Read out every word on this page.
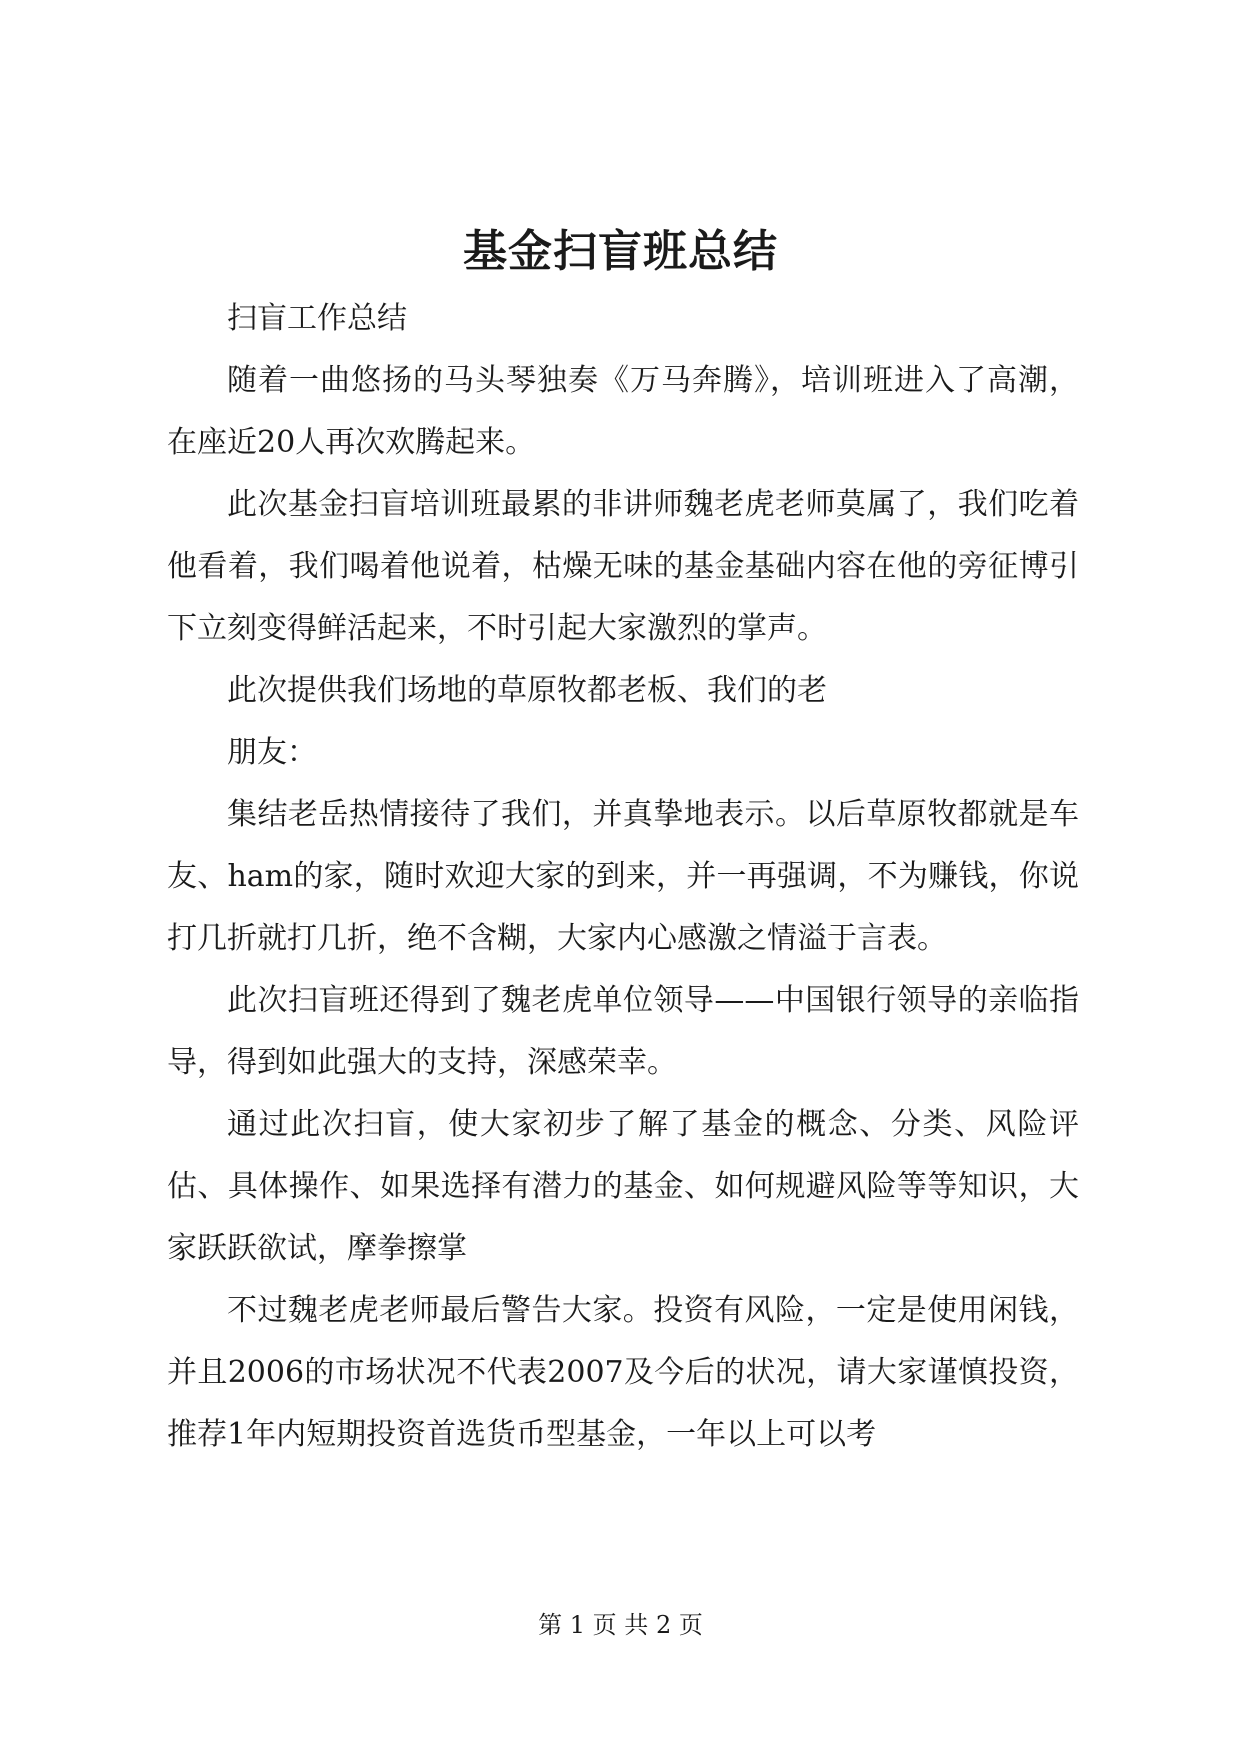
基金扫盲班总结

扫盲工作总结

随着一曲悠扬的马头琴独奏《万马奔腾》，培训班进入了高潮，在座近20人再次欢腾起来。

此次基金扫盲培训班最累的非讲师魏老虎老师莫属了，我们吃着他看着，我们喝着他说着，枯燥无味的基金基础内容在他的旁征博引下立刻变得鲜活起来，不时引起大家激烈的掌声。

此次提供我们场地的草原牧都老板、我们的老

朋友：

集结老岳热情接待了我们，并真挚地表示。以后草原牧都就是车友、ham的家，随时欢迎大家的到来，并一再强调，不为赚钱，你说打几折就打几折，绝不含糊，大家内心感激之情溢于言表。

此次扫盲班还得到了魏老虎单位领导——中国银行领导的亲临指导，得到如此强大的支持，深感荣幸。

通过此次扫盲，使大家初步了解了基金的概念、分类、风险评估、具体操作、如果选择有潜力的基金、如何规避风险等等知识，大家跃跃欲试，摩拳擦掌

不过魏老虎老师最后警告大家。投资有风险，一定是使用闲钱，并且2006的市场状况不代表2007及今后的状况，请大家谨慎投资，推荐1年内短期投资首选货币型基金，一年以上可以考

第 1 页 共 2 页
